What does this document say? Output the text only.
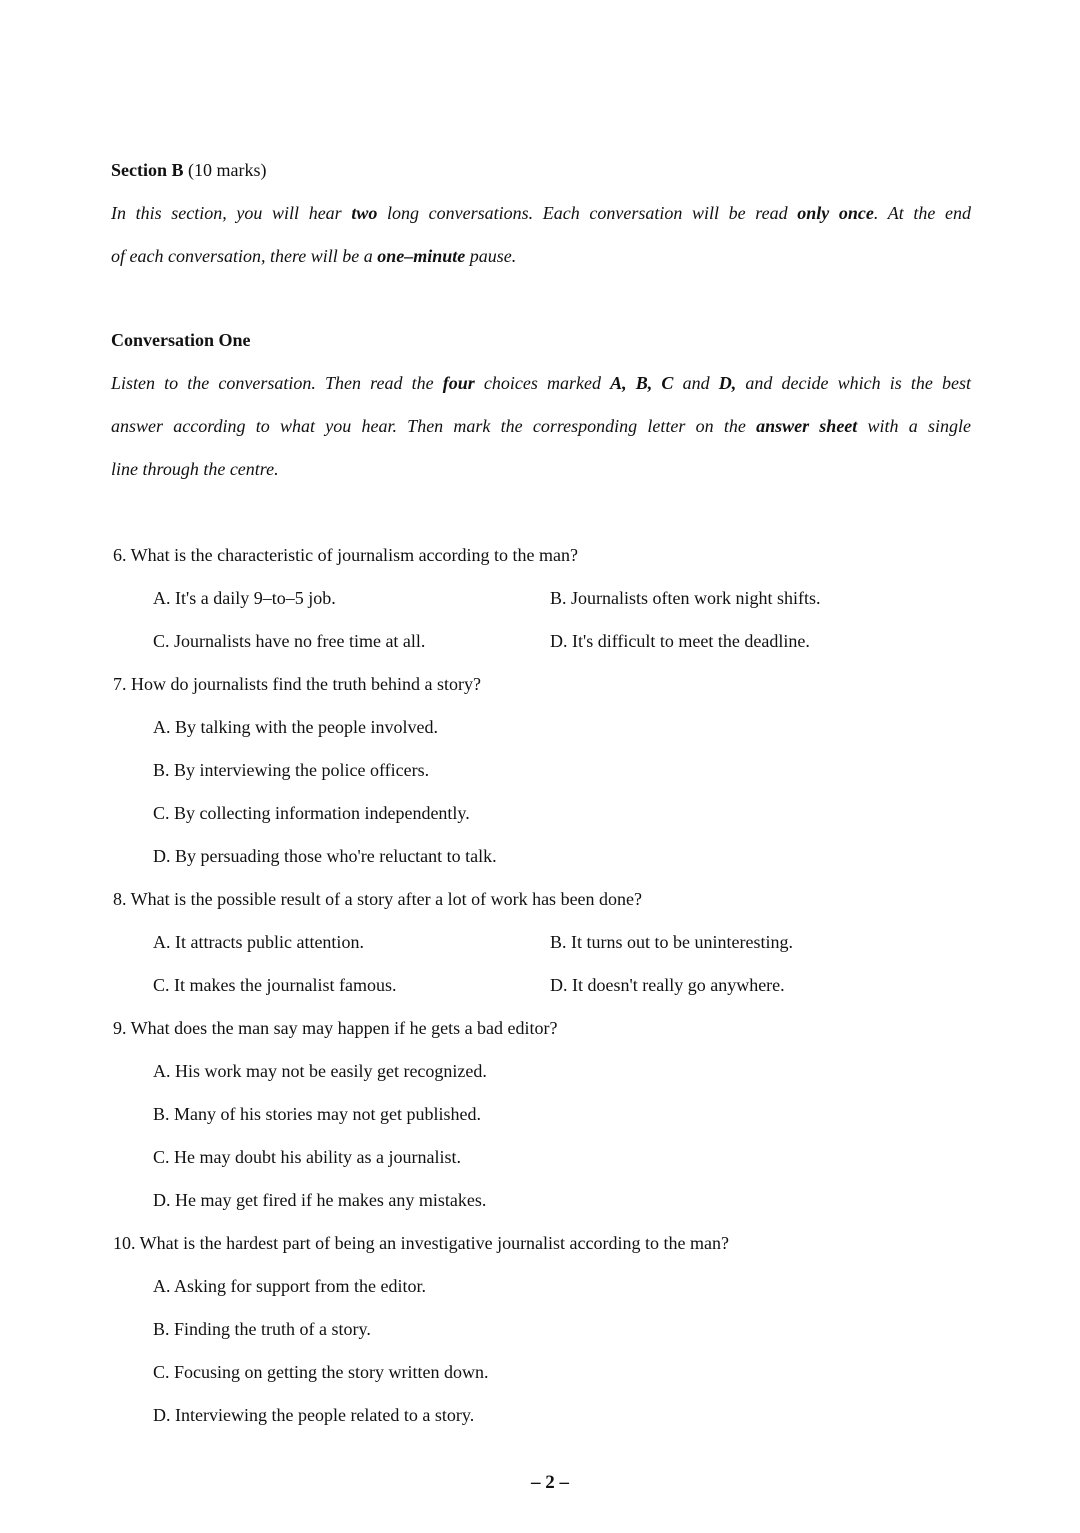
Section B (10 marks)
In this section, you will hear two long conversations. Each conversation will be read only once. At the end
of each conversation, there will be a one–minute pause.
Conversation One
Listen to the conversation. Then read the four choices marked A, B, C and D, and decide which is the best
answer according to what you hear. Then mark the corresponding letter on the answer sheet with a single
line through the centre.
6. What is the characteristic of journalism according to the man?
A. It's a daily 9–to–5 job.	B. Journalists often work night shifts.
C. Journalists have no free time at all.	D. It's difficult to meet the deadline.
7. How do journalists find the truth behind a story?
A. By talking with the people involved.
B. By interviewing the police officers.
C. By collecting information independently.
D. By persuading those who're reluctant to talk.
8. What is the possible result of a story after a lot of work has been done?
A. It attracts public attention.	B. It turns out to be uninteresting.
C. It makes the journalist famous.	D. It doesn't really go anywhere.
9. What does the man say may happen if he gets a bad editor?
A. His work may not be easily get recognized.
B. Many of his stories may not get published.
C. He may doubt his ability as a journalist.
D. He may get fired if he makes any mistakes.
10. What is the hardest part of being an investigative journalist according to the man?
A. Asking for support from the editor.
B. Finding the truth of a story.
C. Focusing on getting the story written down.
D. Interviewing the people related to a story.
– 2 –
